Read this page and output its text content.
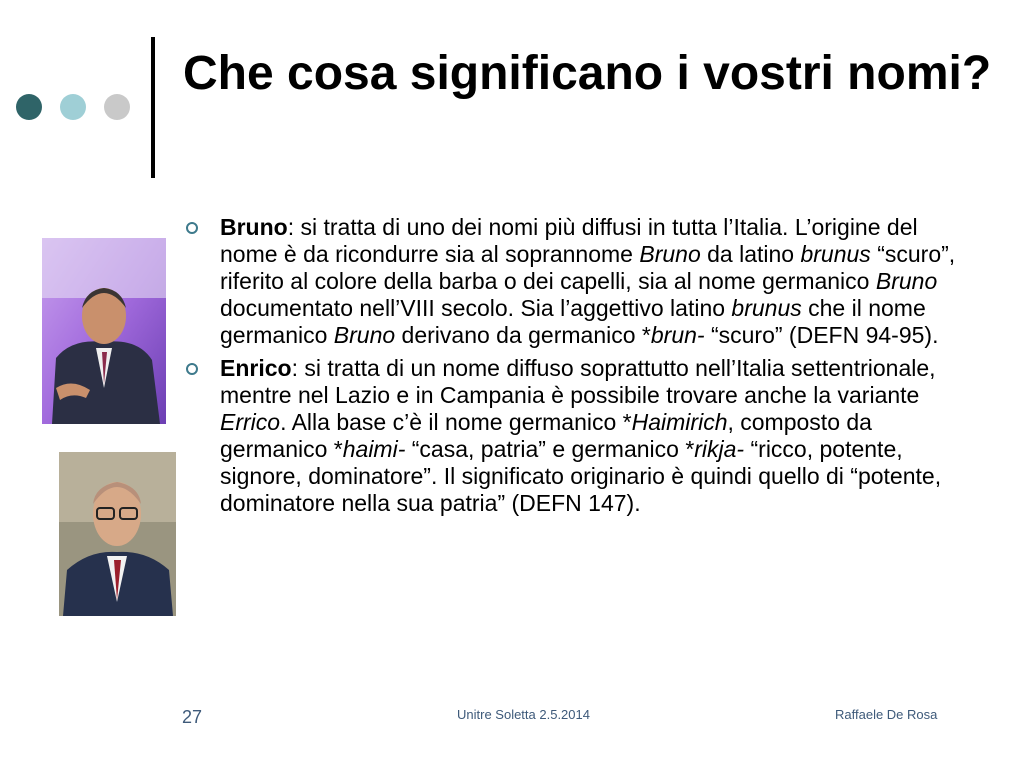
Che cosa significano i vostri nomi?
Bruno: si tratta di uno dei nomi più diffusi in tutta l’Italia. L’origine del nome è da ricondurre sia al soprannome Bruno da latino brunus “scuro”, riferito al colore della barba o dei capelli, sia al nome germanico Bruno documentato nell’VIII secolo. Sia l’aggettivo latino brunus che il nome germanico Bruno derivano da germanico *brun- “scuro” (DEFN 94-95).
Enrico: si tratta di un nome diffuso soprattutto nell’Italia settentrionale, mentre nel Lazio e in Campania è possibile trovare anche la variante Errico. Alla base c’è il nome germanico *Haimirich, composto da germanico *haimi- “casa, patria” e germanico *rikja- “ricco, potente, signore, dominatore”. Il significato originario è quindi quello di “potente, dominatore nella sua patria” (DEFN 147).
27	Unitre Soletta 2.5.2014	Raffaele De Rosa
